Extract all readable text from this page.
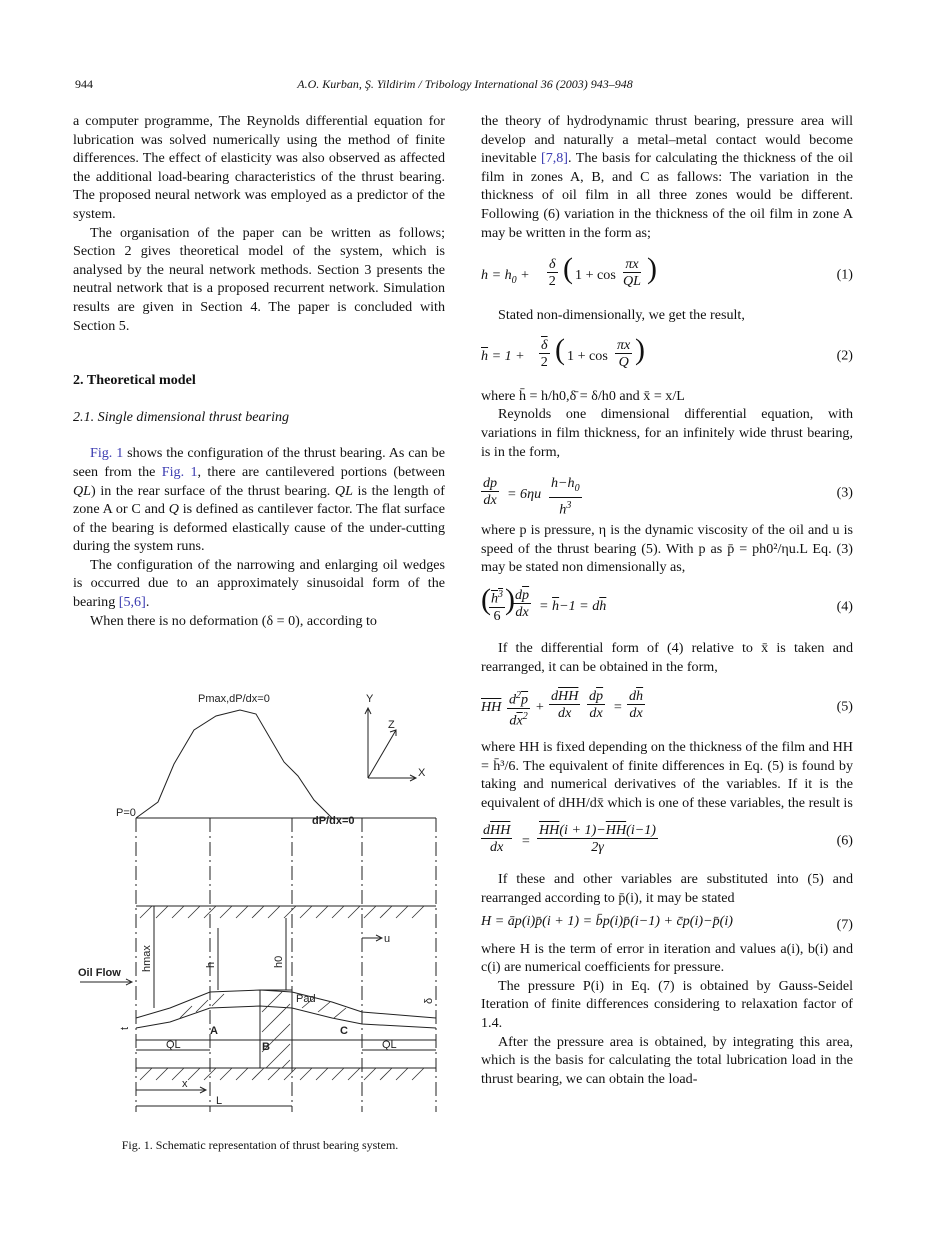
944	A.O. Kurban, Ş. Yildirim / Tribology International 36 (2003) 943–948

a computer programme, The Reynolds differential equation for lubrication was solved numerically using the method of finite differences. The effect of elasticity was also observed as affected the additional load-bearing characteristics of the thrust bearing. The proposed neural network was employed as a predictor of the system.

The organisation of the paper can be written as follows; Section 2 gives theoretical model of the system, which is analysed by the neural network methods. Section 3 presents the neutral network that is a proposed recurrent network. Simulation results are given in Section 4. The paper is concluded with Section 5.

2. Theoretical model

2.1. Single dimensional thrust bearing

Fig. 1 shows the configuration of the thrust bearing. As can be seen from the Fig. 1, there are cantilevered portions (between QL) in the rear surface of the thrust bearing. QL is the length of zone A or C and Q is defined as cantilever factor. The flat surface of the bearing is deformed elastically cause of the under-cutting during the system runs.

The configuration of the narrowing and enlarging oil wedges is occurred due to an approximately sinusoidal form of the bearing [5,6].

When there is no deformation (δ = 0), according to

Pmax,dP/dx=0
P=0
dP/dx=0
Y
Z
X
u
Oil Flow
hmax	h	h0
Pad	δ
t	A
B
C
QL	QL
x
L
Fig. 1. Schematic representation of thrust bearing system.

the theory of hydrodynamic thrust bearing, pressure area will develop and naturally a metal–metal contact would become inevitable [7,8]. The basis for calculating the thickness of the oil film in zones A, B, and C as fallows: The variation in the thickness of oil film in all three zones would be different. Following (6) variation in the thickness of the oil film in zone A may be written in the form as;

$h = h_0 + \frac{\delta}{2}$ ( $1 + \cos \frac{\pi x}{QL}$ )	(1)

Stated non-dimensionally, we get the result,

$\overline{h} = 1 + \frac{\overline{\delta}}{2}$ ( $1 + \cos \frac{\pi x}{Q}$ )	(2)

where h̄ = h/h0,δ̄ = δ/h0 and x̄ = x/L

Reynolds one dimensional differential equation, with variations in film thickness, for an infinitely wide thrust bearing, is in the form,

$\frac{dp}{dx} = 6\eta u \frac{h-h_0}{h^3}$	(3)

where p is pressure, η is the dynamic viscosity of the oil and u is speed of the thrust bearing (5). With p as p̄ = ph0²/ηu.L Eq. (3) may be stated non dimensionally as,

(
$\frac{h^3}{6}$ )
$\frac{d\overline{p}}{d\overline{x}} = \overline{h}-1 = d\overline{h}$	(4)

If the differential form of (4) relative to x̄ is taken and rearranged, it can be obtained in the form,

$\overline{HH} \frac{d^2\overline{p}}{d\overline{x}^2}$ +
$d\overline{HH}$
$d\overline{x}$	$\frac{d\overline{p}}{d\overline{x}} = \frac{d\overline{h}}{d\overline{x}}$	(5)

where HH is fixed depending on the thickness of the film and HH = h̄³/6. The equivalent of finite differences in Eq. (5) is found by taking and numerical derivatives of the variables. If it is the equivalent of dHH/dx̄ which is one of these variables, the result is

$d\overline{HH}$
$d\overline{x}$	= $\frac{\overline{HH}(i + 1)-\overline{HH}(i-1)}{2\gamma}$	(6)

If these and other variables are substituted into (5) and rearranged according to p̄(i), it may be stated

H = āp(i)p̄(i + 1) = b̄p(i)p̄(i−1) + c̄p(i)−p̄(i)	(7)

where H is the term of error in iteration and values a(i), b(i) and c(i) are numerical coefficients for pressure.

The pressure P(i) in Eq. (7) is obtained by Gauss-Seidel Iteration of finite differences considering to relaxation factor of 1.4.

After the pressure area is obtained, by integrating this area, which is the basis for calculating the total lubrication load in the thrust bearing, we can obtain the load-
